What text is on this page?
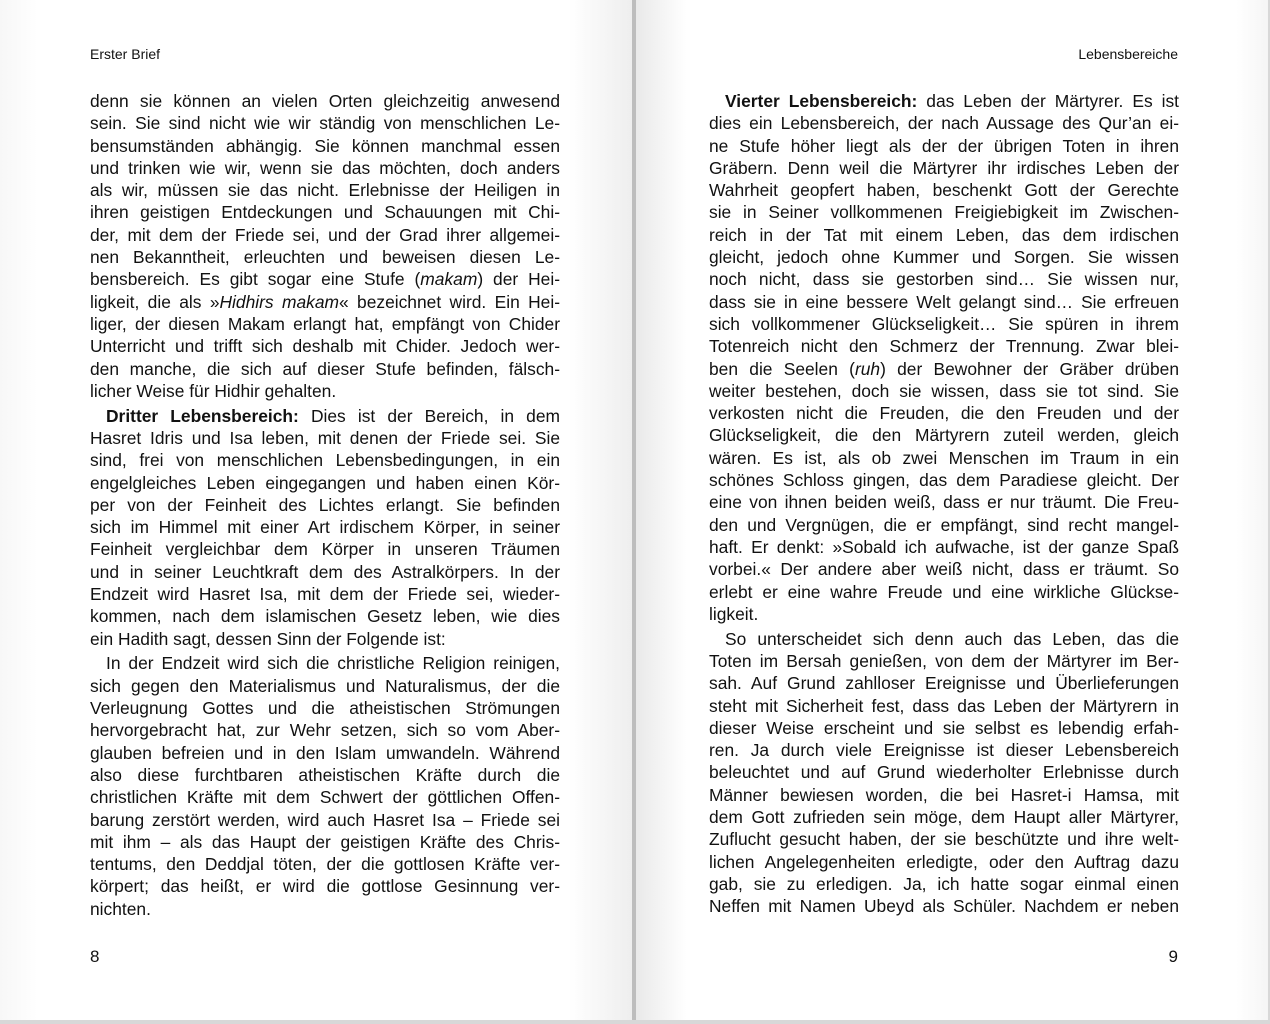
Erster Brief
denn sie können an vielen Orten gleichzeitig anwesend
sein. Sie sind nicht wie wir ständig von menschlichen Le-
bensumständen abhängig. Sie können manchmal essen
und trinken wie wir, wenn sie das möchten, doch anders
als wir, müssen sie das nicht. Erlebnisse der Heiligen in
ihren geistigen Entdeckungen und Schauungen mit Chi-
der, mit dem der Friede sei, und der Grad ihrer allgemei-
nen Bekanntheit, erleuchten und beweisen diesen Le-
bensbereich. Es gibt sogar eine Stufe (makam) der Hei-
ligkeit, die als »Hidhirs makam« bezeichnet wird. Ein Hei-
liger, der diesen Makam erlangt hat, empfängt von Chider
Unterricht und trifft sich deshalb mit Chider. Jedoch wer-
den manche, die sich auf dieser Stufe befinden, fälsch-
licher Weise für Hidhir gehalten.
Dritter Lebensbereich: Dies ist der Bereich, in dem
Hasret Idris und Isa leben, mit denen der Friede sei. Sie
sind, frei von menschlichen Lebensbedingungen, in ein
engelgleiches Leben eingegangen und haben einen Kör-
per von der Feinheit des Lichtes erlangt. Sie befinden
sich im Himmel mit einer Art irdischem Körper, in seiner
Feinheit vergleichbar dem Körper in unseren Träumen
und in seiner Leuchtkraft dem des Astralkörpers. In der
Endzeit wird Hasret Isa, mit dem der Friede sei, wieder-
kommen, nach dem islamischen Gesetz leben, wie dies
ein Hadith sagt, dessen Sinn der Folgende ist:
In der Endzeit wird sich die christliche Religion reinigen,
sich gegen den Materialismus und Naturalismus, der die
Verleugnung Gottes und die atheistischen Strömungen
hervorgebracht hat, zur Wehr setzen, sich so vom Aber-
glauben befreien und in den Islam umwandeln. Während
also diese furchtbaren atheistischen Kräfte durch die
christlichen Kräfte mit dem Schwert der göttlichen Offen-
barung zerstört werden, wird auch Hasret Isa – Friede sei
mit ihm – als das Haupt der geistigen Kräfte des Chris-
tentums, den Deddjal töten, der die gottlosen Kräfte ver-
körpert; das heißt, er wird die gottlose Gesinnung ver-
nichten.
8
Lebensbereiche
Vierter Lebensbereich: das Leben der Märtyrer. Es ist
dies ein Lebensbereich, der nach Aussage des Qur’an ei-
ne Stufe höher liegt als der der übrigen Toten in ihren
Gräbern. Denn weil die Märtyrer ihr irdisches Leben der
Wahrheit geopfert haben, beschenkt Gott der Gerechte
sie in Seiner vollkommenen Freigiebigkeit im Zwischen-
reich in der Tat mit einem Leben, das dem irdischen
gleicht, jedoch ohne Kummer und Sorgen. Sie wissen
noch nicht, dass sie gestorben sind… Sie wissen nur,
dass sie in eine bessere Welt gelangt sind… Sie erfreuen
sich vollkommener Glückseligkeit… Sie spüren in ihrem
Totenreich nicht den Schmerz der Trennung. Zwar blei-
ben die Seelen (ruh) der Bewohner der Gräber drüben
weiter bestehen, doch sie wissen, dass sie tot sind. Sie
verkosten nicht die Freuden, die den Freuden und der
Glückseligkeit, die den Märtyrern zuteil werden, gleich
wären. Es ist, als ob zwei Menschen im Traum in ein
schönes Schloss gingen, das dem Paradiese gleicht. Der
eine von ihnen beiden weiß, dass er nur träumt. Die Freu-
den und Vergnügen, die er empfängt, sind recht mangel-
haft. Er denkt: »Sobald ich aufwache, ist der ganze Spaß
vorbei.« Der andere aber weiß nicht, dass er träumt. So
erlebt er eine wahre Freude und eine wirkliche Glückse-
ligkeit.
So unterscheidet sich denn auch das Leben, das die
Toten im Bersah genießen, von dem der Märtyrer im Ber-
sah. Auf Grund zahlloser Ereignisse und Überlieferungen
steht mit Sicherheit fest, dass das Leben der Märtyrern in
dieser Weise erscheint und sie selbst es lebendig erfah-
ren. Ja durch viele Ereignisse ist dieser Lebensbereich
beleuchtet und auf Grund wiederholter Erlebnisse durch
Männer bewiesen worden, die bei Hasret-i Hamsa, mit
dem Gott zufrieden sein möge, dem Haupt aller Märtyrer,
Zuflucht gesucht haben, der sie beschützte und ihre welt-
lichen Angelegenheiten erledigte, oder den Auftrag dazu
gab, sie zu erledigen. Ja, ich hatte sogar einmal einen
Neffen mit Namen Ubeyd als Schüler. Nachdem er neben
9
